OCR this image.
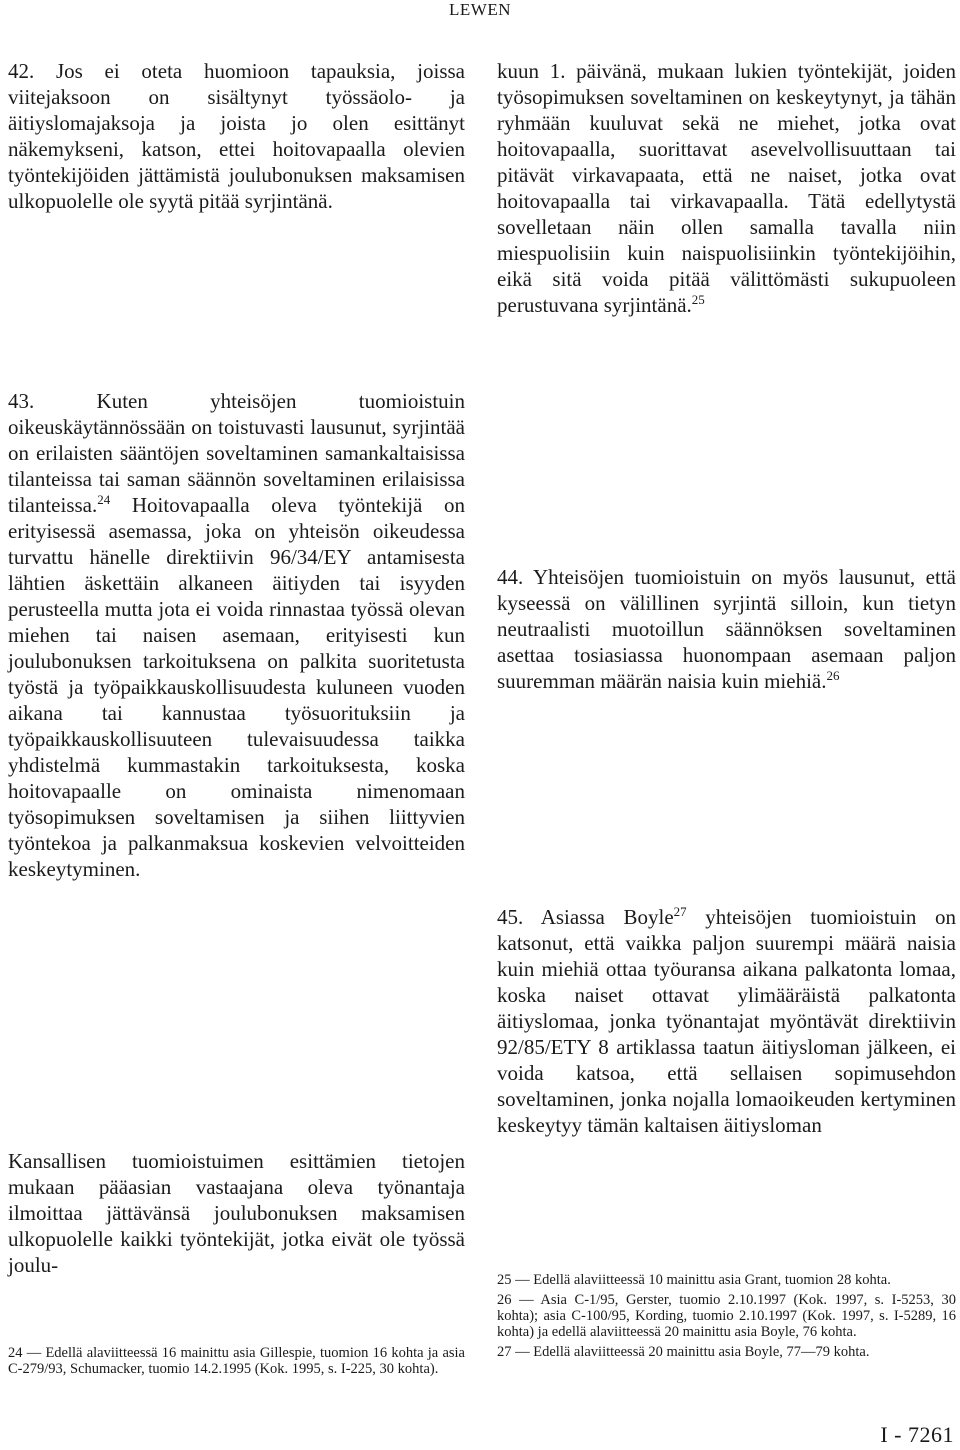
LEWEN

42. Jos ei oteta huomioon tapauksia, joissa viitejaksoon on sisältynyt työssäolo- ja äitiyslomajaksoja ja joista jo olen esittänyt näkemykseni, katson, ettei hoitovapaalla olevien työntekijöiden jättämistä joulubonuksen maksamisen ulkopuolelle ole syytä pitää syrjintänä.

43. Kuten yhteisöjen tuomioistuin oikeuskäytännössään on toistuvasti lausunut, syrjintää on erilaisten sääntöjen soveltaminen samankaltaisissa tilanteissa tai saman säännön soveltaminen erilaisissa tilanteissa.$^{24}$ Hoitovapaalla oleva työntekijä on erityisessä asemassa, joka on yhteisön oikeudessa turvattu hänelle direktiivin 96/34/EY antamisesta lähtien äskettäin alkaneen äitiyden tai isyyden perusteella mutta jota ei voida rinnastaa työssä olevan miehen tai naisen asemaan, erityisesti kun joulubonuksen tarkoituksena on palkita suoritetusta työstä ja työpaikkauskollisuudesta kuluneen vuoden aikana tai kannustaa työsuorituksiin ja työpaikkauskollisuuteen tulevaisuudessa taikka yhdistelmä kummastakin tarkoituksesta, koska hoitovapaalle on ominaista nimenomaan työsopimuksen soveltamisen ja siihen liittyvien työntekoa ja palkanmaksua koskevien velvoitteiden keskeytyminen.

Kansallisen tuomioistuimen esittämien tietojen mukaan pääasian vastaajana oleva työnantaja ilmoittaa jättävänsä joulubonuksen maksamisen ulkopuolelle kaikki työntekijät, jotka eivät ole työssä joulu-

kuun 1. päivänä, mukaan lukien työntekijät, joiden työsopimuksen soveltaminen on keskeytynyt, ja tähän ryhmään kuuluvat sekä ne miehet, jotka ovat hoitovapaalla, suorittavat asevelvollisuuttaan tai pitävät virkavapaata, että ne naiset, jotka ovat hoitovapaalla tai virkavapaalla. Tätä edellytystä sovelletaan näin ollen samalla tavalla niin miespuolisiin kuin naispuolisiinkin työntekijöihin, eikä sitä voida pitää välittömästi sukupuoleen perustuvana syrjintänä.$^{25}$

44. Yhteisöjen tuomioistuin on myös lausunut, että kyseessä on välillinen syrjintä silloin, kun tietyn neutraalisti muotoillun säännöksen soveltaminen asettaa tosiasiassa huonompaan asemaan paljon suuremman määrän naisia kuin miehiä.$^{26}$

45. Asiassa Boyle$^{27}$ yhteisöjen tuomioistuin on katsonut, että vaikka paljon suurempi määrä naisia kuin miehiä ottaa työuransa aikana palkatonta lomaa, koska naiset ottavat ylimääräistä palkatonta äitiyslomaa, jonka työnantajat myöntävät direktiivin 92/85/ETY 8 artiklassa taatun äitiysloman jälkeen, ei voida katsoa, että sellaisen sopimusehdon soveltaminen, jonka nojalla lomaoikeuden kertyminen keskeytyy tämän kaltaisen äitiysloman

24 — Edellä alaviitteessä 16 mainittu asia Gillespie, tuomion 16 kohta ja asia C-279/93, Schumacker, tuomio 14.2.1995 (Kok. 1995, s. I-225, 30 kohta).

25 — Edellä alaviitteessä 10 mainittu asia Grant, tuomion 28 kohta.

26 — Asia C-1/95, Gerster, tuomio 2.10.1997 (Kok. 1997, s. I-5253, 30 kohta); asia C-100/95, Kording, tuomio 2.10.1997 (Kok. 1997, s. I-5289, 16 kohta) ja edellä alaviitteessä 20 mainittu asia Boyle, 76 kohta.

27 — Edellä alaviitteessä 20 mainittu asia Boyle, 77—79 kohta.

I - 7261
